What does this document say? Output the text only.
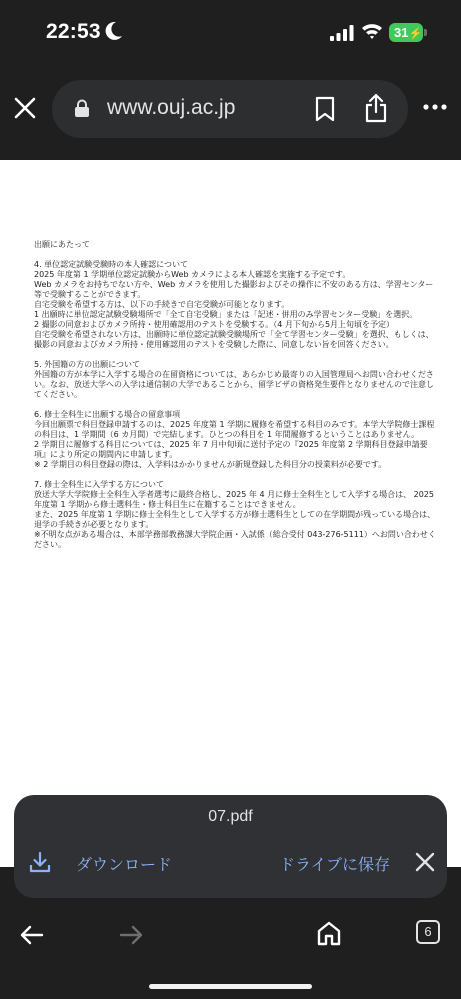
22:53	31⚡
www.ouj.ac.jp

出願にあたって

4. 単位認定試験受験時の本人確認について
2025 年度第 1 学期単位認定試験からWeb カメラによる本人確認を実施する予定です。
Web カメラをお持ちでない方や、Web カメラを使用した撮影およびその操作に不安のある方は、学習センター等で受験することができます。
自宅受験を希望する方は、以下の手続きで自宅受験が可能となります。
1 出願時に単位認定試験受験場所で「全て自宅受験」または「記述・併用のみ学習センター受験」を選択。
2 撮影の同意およびカメラ所持・使用確認用のテストを受験する。（4 月下旬から5月上旬頃を予定）
自宅受験を希望されない方は、出願時に単位認定試験受験場所で「全て学習センター受験」を選択、もしくは、撮影の同意およびカメラ所持・使用確認用のテストを受験した際に、同意しない旨を回答ください。

5. 外国籍の方の出願について
外国籍の方が本学に入学する場合の在留資格については、あらかじめ最寄りの入国管理局へお問い合わせください。なお、放送大学への入学は通信制の大学であることから、留学ビザの資格発生要件となりませんので注意してください。

6. 修士全科生に出願する場合の留意事項
今回出願票で科目登録申請するのは、2025 年度第 1 学期に履修を希望する科目のみです。本学大学院修士課程の科目は、1 学期間（6 カ月間）で完結します。ひとつの科目を 1 年間履修するということはありません。
2 学期目に履修する科目については、2025 年 7 月中旬頃に送付予定の『2025 年度第 2 学期科目登録申請要項』により所定の期間内に申請します。
※ 2 学期目の科目登録の際は、入学料はかかりませんが新規登録した科目分の授業料が必要です。

7. 修士全科生に入学する方について
放送大学大学院修士全科生入学者選考に最終合格し、2025 年 4 月に修士全科生として入学する場合は、 2025 年度第 1 学期から修士選科生・修士科目生に在籍することはできません。
また、2025 年度第 1 学期に修士全科生として入学する方が修士選科生としての在学期間が残っている場合は、退学の手続きが必要となります。
※不明な点がある場合は、本部学務部教務課大学院企画・入試係（総合受付 043-276-5111）へお問い合わせください。

07.pdf
ダウンロード	ドライブに保存
6
